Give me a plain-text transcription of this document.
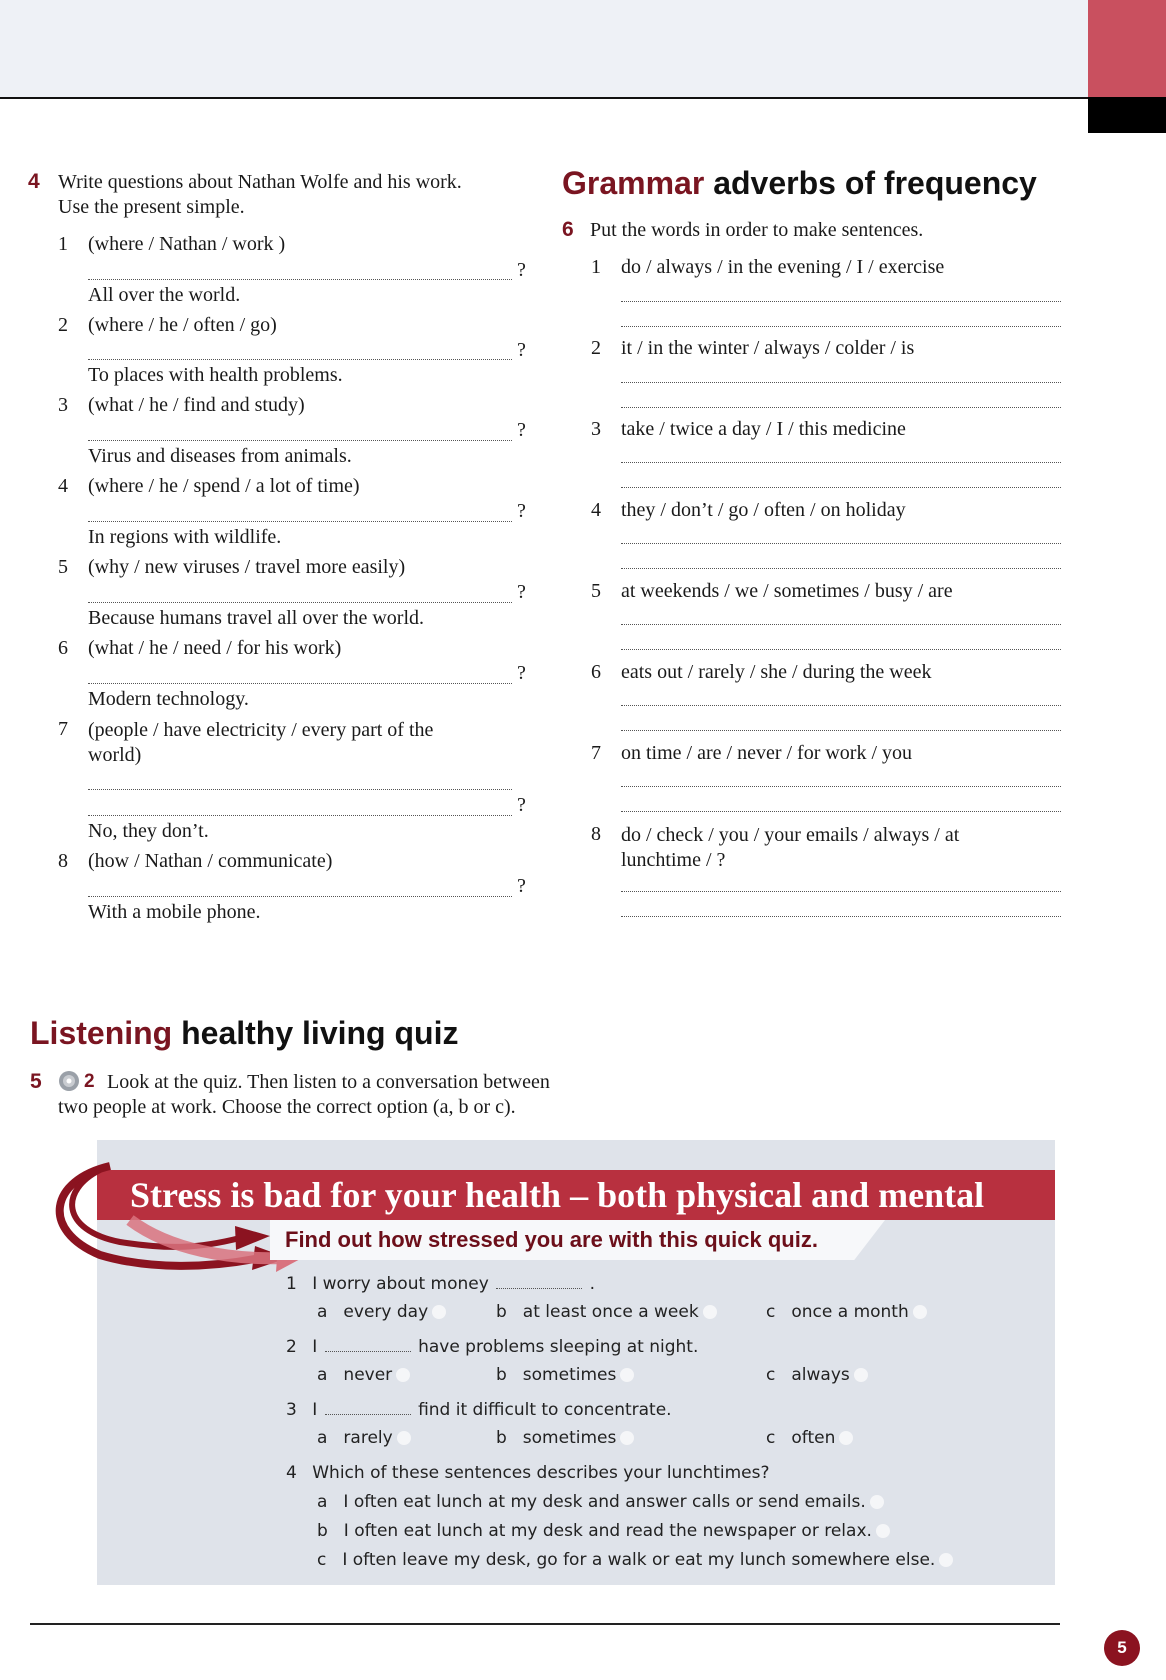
4 Write questions about Nathan Wolfe and his work.
Use the present simple.
1 (where / Nathan / work )
?
All over the world.
2 (where / he / often / go)
?
To places with health problems.
3 (what / he / find and study)
?
Virus and diseases from animals.
4 (where / he / spend / a lot of time)
?
In regions with wildlife.
5 (why / new viruses / travel more easily)
?
Because humans travel all over the world.
6 (what / he / need / for his work)
?
Modern technology.
7 (people / have electricity / every part of the
world)
?
No, they don’t.
8 (how / Nathan / communicate)
?
With a mobile phone.
Grammar adverbs of frequency
6 Put the words in order to make sentences.
1 do / always / in the evening / I / exercise
2 it / in the winter / always / colder / is
3 take / twice a day / I / this medicine
4 they / don’t / go / often / on holiday
5 at weekends / we / sometimes / busy / are
6 eats out / rarely / she / during the week
7 on time / are / never / for work / you
8 do / check / you / your emails / always / at
lunchtime / ?
Listening healthy living quiz
5 2 Look at the quiz. Then listen to a conversation between
two people at work. Choose the correct option (a, b or c).
Stress is bad for your health – both physical and mental
Find out how stressed you are with this quick quiz.
1 I worry about money	.
a every day	b at least once a week	c once a month
2 I	have problems sleeping at night.
a never	b sometimes	c always
3 I	find it difficult to concentrate.
a rarely	b sometimes	c often
4 Which of these sentences describes your lunchtimes?
a I often eat lunch at my desk and answer calls or send emails.
b I often eat lunch at my desk and read the newspaper or relax.
c I often leave my desk, go for a walk or eat my lunch somewhere else.
5
